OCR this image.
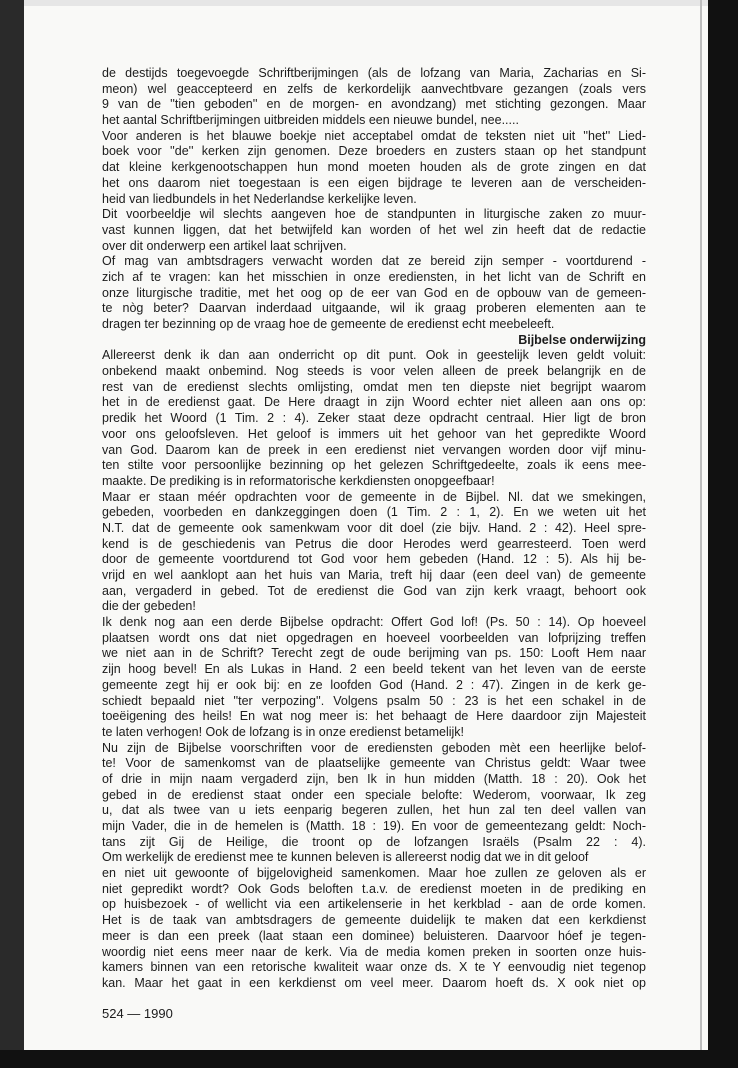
de destijds toegevoegde Schriftberijmingen (als de lofzang van Maria, Zacharias en Si-
meon) wel geaccepteerd en zelfs de kerkordelijk aanvechtbvare gezangen (zoals vers
9 van de ''tien geboden'' en de morgen- en avondzang) met stichting gezongen. Maar
het aantal Schriftberijmingen uitbreiden middels een nieuwe bundel, nee.....
Voor anderen is het blauwe boekje niet acceptabel omdat de teksten niet uit ''het'' Lied-
boek voor ''de'' kerken zijn genomen. Deze broeders en zusters staan op het standpunt
dat kleine kerkgenootschappen hun mond moeten houden als de grote zingen en dat
het ons daarom niet toegestaan is een eigen bijdrage te leveren aan de verscheiden-
heid van liedbundels in het Nederlandse kerkelijke leven.
Dit voorbeeldje wil slechts aangeven hoe de standpunten in liturgische zaken zo muur-
vast kunnen liggen, dat het betwijfeld kan worden of het wel zin heeft dat de redactie
over dit onderwerp een artikel laat schrijven.
Of mag van ambtsdragers verwacht worden dat ze bereid zijn semper - voortdurend -
zich af te vragen: kan het misschien in onze erediensten, in het licht van de Schrift en
onze liturgische traditie, met het oog op de eer van God en de opbouw van de gemeen-
te nòg beter? Daarvan inderdaad uitgaande, wil ik graag proberen elementen aan te
dragen ter bezinning op de vraag hoe de gemeente de eredienst echt meebeleeft.
Bijbelse onderwijzing
Allereerst denk ik dan aan onderricht op dit punt. Ook in geestelijk leven geldt voluit:
onbekend maakt onbemind. Nog steeds is voor velen alleen de preek belangrijk en de
rest van de eredienst slechts omlijsting, omdat men ten diepste niet begrijpt waarom
het in de eredienst gaat. De Here draagt in zijn Woord echter niet alleen aan ons op:
predik het Woord (1 Tim. 2 : 4). Zeker staat deze opdracht centraal. Hier ligt de bron
voor ons geloofsleven. Het geloof is immers uit het gehoor van het gepredikte Woord
van God. Daarom kan de preek in een eredienst niet vervangen worden door vijf minu-
ten stilte voor persoonlijke bezinning op het gelezen Schriftgedeelte, zoals ik eens mee-
maakte. De prediking is in reformatorische kerkdiensten onopgeefbaar!
Maar er staan méér opdrachten voor de gemeente in de Bijbel. Nl. dat we smekingen,
gebeden, voorbeden en dankzeggingen doen (1 Tim. 2 : 1, 2). En we weten uit het
N.T. dat de gemeente ook samenkwam voor dit doel (zie bijv. Hand. 2 : 42). Heel spre-
kend is de geschiedenis van Petrus die door Herodes werd gearresteerd. Toen werd
door de gemeente voortdurend tot God voor hem gebeden (Hand. 12 : 5). Als hij be-
vrijd en wel aanklopt aan het huis van Maria, treft hij daar (een deel van) de gemeente
aan, vergaderd in gebed. Tot de eredienst die God van zijn kerk vraagt, behoort ook
die der gebeden!
Ik denk nog aan een derde Bijbelse opdracht: Offert God lof! (Ps. 50 : 14). Op hoeveel
plaatsen wordt ons dat niet opgedragen en hoeveel voorbeelden van lofprijzing treffen
we niet aan in de Schrift? Terecht zegt de oude berijming van ps. 150: Looft Hem naar
zijn hoog bevel! En als Lukas in Hand. 2 een beeld tekent van het leven van de eerste
gemeente zegt hij er ook bij: en ze loofden God (Hand. 2 : 47). Zingen in de kerk ge-
schiedt bepaald niet ''ter verpozing''. Volgens psalm 50 : 23 is het een schakel in de
toeëigening des heils! En wat nog meer is: het behaagt de Here daardoor zijn Majesteit
te laten verhogen! Ook de lofzang is in onze eredienst betamelijk!
Nu zijn de Bijbelse voorschriften voor de erediensten geboden mèt een heerlijke belof-
te! Voor de samenkomst van de plaatselijke gemeente van Christus geldt: Waar twee
of drie in mijn naam vergaderd zijn, ben Ik in hun midden (Matth. 18 : 20). Ook het
gebed in de eredienst staat onder een speciale belofte: Wederom, voorwaar, Ik zeg
u, dat als twee van u iets eenparig begeren zullen, het hun zal ten deel vallen van
mijn Vader, die in de hemelen is (Matth. 18 : 19). En voor de gemeentezang geldt: Noch-
tans zijt Gij de Heilige, die troont op de lofzangen Israëls (Psalm 22 : 4).
Om werkelijk de eredienst mee te kunnen beleven is allereerst nodig dat we in dit geloof
en niet uit gewoonte of bijgelovigheid samenkomen. Maar hoe zullen ze geloven als er
niet gepredikt wordt? Ook Gods beloften t.a.v. de eredienst moeten in de prediking en
op huisbezoek - of wellicht via een artikelenserie in het kerkblad - aan de orde komen.
Het is de taak van ambtsdragers de gemeente duidelijk te maken dat een kerkdienst
meer is dan een preek (laat staan een dominee) beluisteren. Daarvoor hóef je tegen-
woordig niet eens meer naar de kerk. Via de media komen preken in soorten onze huis-
kamers binnen van een retorische kwaliteit waar onze ds. X te Y eenvoudig niet tegenop
kan. Maar het gaat in een kerkdienst om veel meer. Daarom hoeft ds. X ook niet op
524 — 1990
